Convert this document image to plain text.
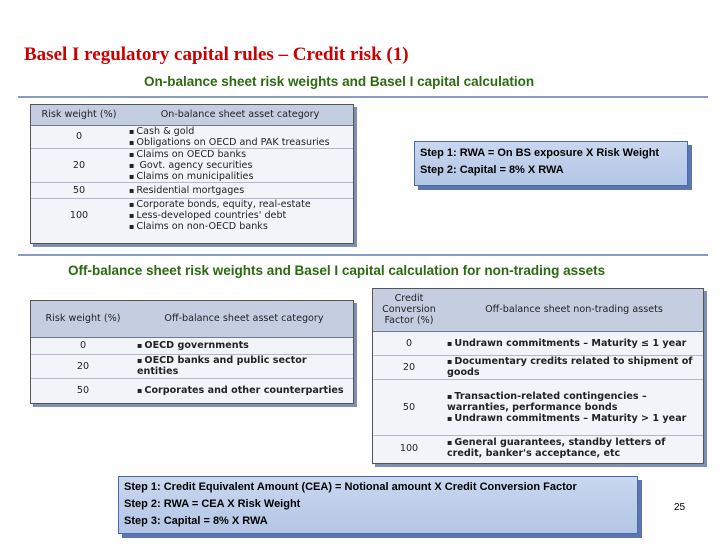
Basel I regulatory capital rules – Credit risk (1)
On-balance sheet risk weights and Basel I capital calculation
Risk weight (%)	On-balance sheet asset category
0	▪ Cash & gold
▪ Obligations on OECD and PAK treasuries

20	▪ Claims on OECD banks
▪ Govt. agency securities
▪ Claims on municipalities

50	▪ Residential mortgages

100	▪ Corporate bonds, equity, real-estate
▪ Less-developed countries' debt
▪ Claims on non-OECD banks
Step 1: RWA = On BS exposure X Risk Weight
Step 2: Capital = 8% X RWA
Off-balance sheet risk weights and Basel I capital calculation for non-trading assets
Risk weight (%)	Off-balance sheet asset category
0	▪ OECD governments

20	▪ OECD banks and public sector entities

50	▪ Corporates and other counterparties
Credit Conversion Factor (%)	Off-balance sheet non-trading assets
0	▪ Undrawn commitments – Maturity ≤ 1 year

20	▪ Documentary credits related to shipment of goods

50	▪ Transaction-related contingencies – warranties, performance bonds
▪ Undrawn commitments – Maturity > 1 year

100	▪ General guarantees, standby letters of credit, banker's acceptance, etc
Step 1: Credit Equivalent Amount (CEA) = Notional amount X Credit Conversion Factor
Step 2: RWA = CEA X Risk Weight
Step 3: Capital = 8% X RWA
25
